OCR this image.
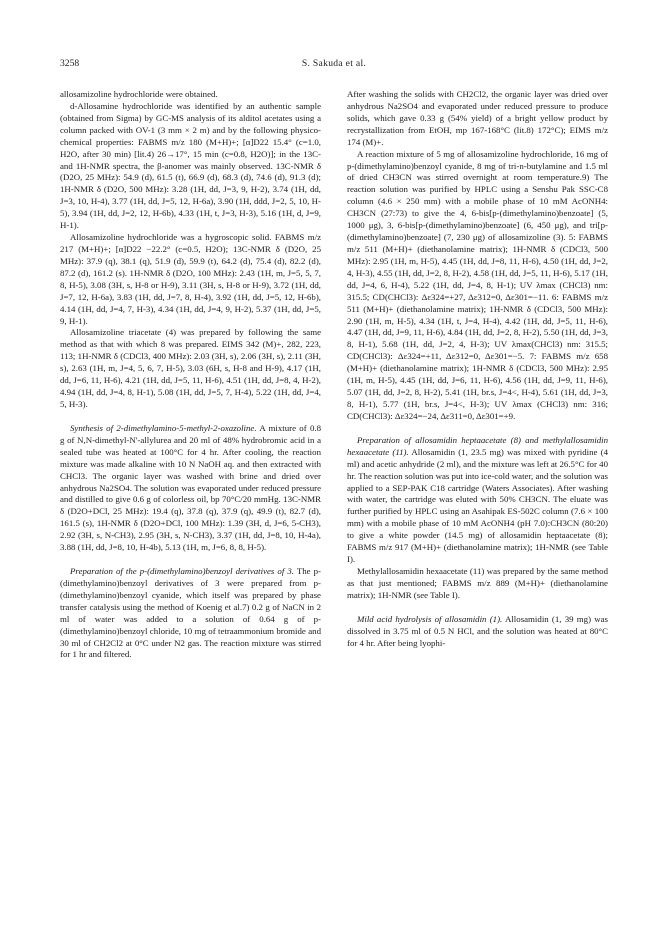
3258	S. Sakuda et al.

allosamizoline hydrochloride were obtained.

d-Allosamine hydrochloride was identified by an authentic sample (obtained from Sigma) by GC-MS analysis of its alditol acetates using a column packed with OV-1 (3 mm × 2 m) and by the following physico-chemical properties: FABMS m/z 180 (M+H)+; [α]D22 15.4° (c=1.0, H2O, after 30 min) [lit.4) 26→17°, 15 min (c=0.8, H2O)]; in the 13C- and 1H-NMR spectra, the β-anomer was mainly observed. 13C-NMR δ (D2O, 25 MHz): 54.9 (d), 61.5 (t), 66.9 (d), 68.3 (d), 74.6 (d), 91.3 (d); 1H-NMR δ (D2O, 500 MHz): 3.28 (1H, dd, J=3, 9, H-2), 3.74 (1H, dd, J=3, 10, H-4), 3.77 (1H, dd, J=5, 12, H-6a), 3.90 (1H, ddd, J=2, 5, 10, H-5), 3.94 (1H, dd, J=2, 12, H-6b), 4.33 (1H, t, J=3, H-3), 5.16 (1H, d, J=9, H-1).

Allosamizoline hydrochloride was a hygroscopic solid. FABMS m/z 217 (M+H)+; [α]D22 −22.2° (c=0.5, H2O); 13C-NMR δ (D2O, 25 MHz): 37.9 (q), 38.1 (q), 51.9 (d), 59.9 (t), 64.2 (d), 75.4 (d), 82.2 (d), 87.2 (d), 161.2 (s). 1H-NMR δ (D2O, 100 MHz): 2.43 (1H, m, J=5, 5, 7, 8, H-5), 3.08 (3H, s, H-8 or H-9), 3.11 (3H, s, H-8 or H-9), 3.72 (1H, dd, J=7, 12, H-6a), 3.83 (1H, dd, J=7, 8, H-4), 3.92 (1H, dd, J=5, 12, H-6b), 4.14 (1H, dd, J=4, 7, H-3), 4.34 (1H, dd, J=4, 9, H-2), 5.37 (1H, dd, J=5, 9, H-1).

Allosamizoline triacetate (4) was prepared by following the same method as that with which 8 was prepared. EIMS 342 (M)+, 282, 223, 113; 1H-NMR δ (CDCl3, 400 MHz): 2.03 (3H, s), 2.06 (3H, s), 2.11 (3H, s), 2.63 (1H, m, J=4, 5, 6, 7, H-5), 3.03 (6H, s, H-8 and H-9), 4.17 (1H, dd, J=6, 11, H-6), 4.21 (1H, dd, J=5, 11, H-6), 4.51 (1H, dd, J=8, 4, H-2), 4.94 (1H, dd, J=4, 8, H-1), 5.08 (1H, dd, J=5, 7, H-4), 5.22 (1H, dd, J=4, 5, H-3).

Synthesis of 2-dimethylamino-5-methyl-2-oxazoline. A mixture of 0.8 g of N,N-dimethyl-N'-allylurea and 20 ml of 48% hydrobromic acid in a sealed tube was heated at 100°C for 4 hr. After cooling, the reaction mixture was made alkaline with 10 N NaOH aq. and then extracted with CHCl3. The organic layer was washed with brine and dried over anhydrous Na2SO4. The solution was evaporated under reduced pressure and distilled to give 0.6 g of colorless oil, bp 70°C/20 mmHg. 13C-NMR δ (D2O+DCl, 25 MHz): 19.4 (q), 37.8 (q), 37.9 (q), 49.9 (t), 82.7 (d), 161.5 (s), 1H-NMR δ (D2O+DCl, 100 MHz): 1.39 (3H, d, J=6, 5-CH3), 2.92 (3H, s, N-CH3), 2.95 (3H, s, N-CH3), 3.37 (1H, dd, J=8, 10, H-4a), 3.88 (1H, dd, J=8, 10, H-4b), 5.13 (1H, m, J=6, 8, 8, H-5).

Preparation of the p-(dimethylamino)benzoyl derivatives of 3. The p-(dimethylamino)benzoyl derivatives of 3 were prepared from p-(dimethylamino)benzoyl cyanide, which itself was prepared by phase transfer catalysis using the method of Koenig et al.7) 0.2 g of NaCN in 2 ml of water was added to a solution of 0.64 g of p-(dimethylamino)benzoyl chloride, 10 mg of tetraammonium bromide and 30 ml of CH2Cl2 at 0°C under N2 gas. The reaction mixture was stirred for 1 hr and filtered.

After washing the solids with CH2Cl2, the organic layer was dried over anhydrous Na2SO4 and evaporated under reduced pressure to produce solids, which gave 0.33 g (54% yield) of a bright yellow product by recrystallization from EtOH, mp 167-168°C (lit.8) 172°C); EIMS m/z 174 (M)+.

A reaction mixture of 5 mg of allosamizoline hydrochloride, 16 mg of p-(dimethylamino)benzoyl cyanide, 8 mg of tri-n-butylamine and 1.5 ml of dried CH3CN was stirred overnight at room temperature.9) The reaction solution was purified by HPLC using a Senshu Pak SSC-C8 column (4.6 × 250 mm) with a mobile phase of 10 mM AcONH4: CH3CN (27:73) to give the 4, 6-bis[p-(dimethylamino)benzoate] (5, 1000 μg), 3, 6-bis[p-(dimethylamino)benzoate] (6, 450 μg), and tri[p-(dimethylamino)benzoate] (7, 230 μg) of allosamizoline (3). 5: FABMS m/z 511 (M+H)+ (diethanolamine matrix); 1H-NMR δ (CDCl3, 500 MHz): 2.95 (1H, m, H-5), 4.45 (1H, dd, J=8, 11, H-6), 4.50 (1H, dd, J=2, 4, H-3), 4.55 (1H, dd, J=2, 8, H-2), 4.58 (1H, dd, J=5, 11, H-6), 5.17 (1H, dd, J=4, 6, H-4), 5.22 (1H, dd, J=4, 8, H-1); UV λmax (CHCl3) nm: 315.5; CD(CHCl3): Δε324=+27, Δε312=0, Δε301=−11. 6: FABMS m/z 511 (M+H)+ (diethanolamine matrix); 1H-NMR δ (CDCl3, 500 MHz): 2.90 (1H, m, H-5), 4.34 (1H, t, J=4, H-4), 4.42 (1H, dd, J=5, 11, H-6), 4.47 (1H, dd, J=9, 11, H-6), 4.84 (1H, dd, J=2, 8, H-2), 5.50 (1H, dd, J=3, 8, H-1), 5.68 (1H, dd, J=2, 4, H-3); UV λmax(CHCl3) nm: 315.5; CD(CHCl3): Δε324=+11, Δε312=0, Δε301=−5. 7: FABMS m/z 658 (M+H)+ (diethanolamine matrix); 1H-NMR δ (CDCl3, 500 MHz): 2.95 (1H, m, H-5), 4.45 (1H, dd, J=6, 11, H-6), 4.56 (1H, dd, J=9, 11, H-6), 5.07 (1H, dd, J=2, 8, H-2), 5.41 (1H, br.s, J=4<, H-4), 5.61 (1H, dd, J=3, 8, H-1), 5.77 (1H, br.s, J=4<, H-3); UV λmax (CHCl3) nm: 316; CD(CHCl3): Δε324=−24, Δε311=0, Δε301=+9.

Preparation of allosamidin heptaacetate (8) and methylallosamidin hexaacetate (11). Allosamidin (1, 23.5 mg) was mixed with pyridine (4 ml) and acetic anhydride (2 ml), and the mixture was left at 26.5°C for 40 hr. The reaction solution was put into ice-cold water, and the solution was applied to a SEP-PAK C18 cartridge (Waters Associates). After washing with water, the cartridge was eluted with 50% CH3CN. The eluate was further purified by HPLC using an Asahipak ES-502C column (7.6 × 100 mm) with a mobile phase of 10 mM AcONH4 (pH 7.0):CH3CN (80:20) to give a white powder (14.5 mg) of allosamidin heptaacetate (8); FABMS m/z 917 (M+H)+ (diethanolamine matrix); 1H-NMR (see Table I).

Methylallosamidin hexaacetate (11) was prepared by the same method as that just mentioned; FABMS m/z 889 (M+H)+ (diethanolamine matrix); 1H-NMR (see Table I).

Mild acid hydrolysis of allosamidin (1). Allosamidin (1, 39 mg) was dissolved in 3.75 ml of 0.5 N HCl, and the solution was heated at 80°C for 4 hr. After being lyophi-
